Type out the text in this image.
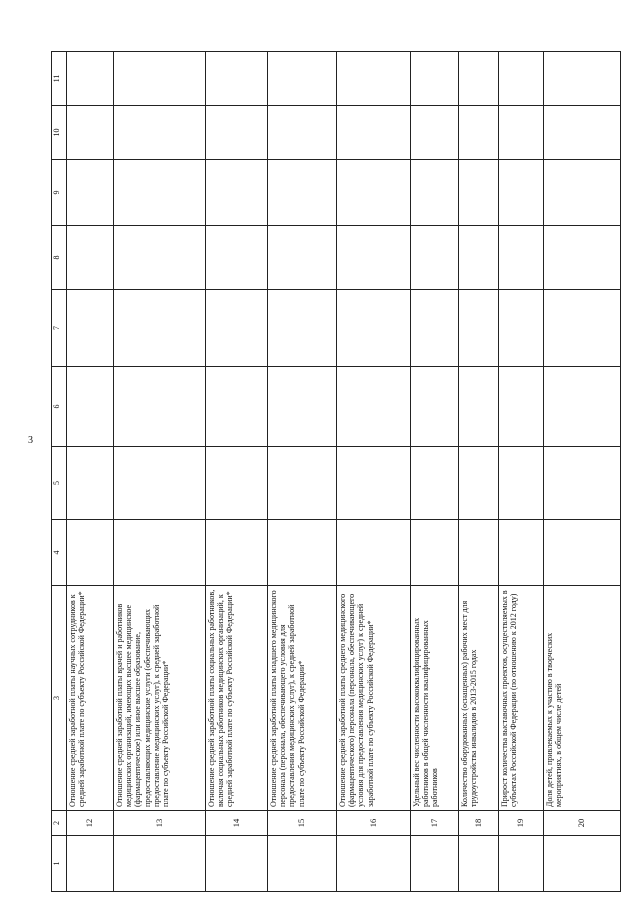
3
1	2	3	4	5	6	7	8	9	10	11
	12	Отношение средней заработной платы научных сотрудников к средней заработной плате по субъекту Российской Федерации*								
	13	Отношение средней заработной платы врачей и работников медицинских организаций, имеющих высшее медицинское (фармацевтическое) или иное высшее образование, предоставляющих медицинские услуги (обеспечивающих предоставление медицинских услуг), к средней заработной плате по субъекту Российской Федерации*								
	14	Отношение средней заработной платы социальных работников, включая социальных работников медицинских организаций, к средней заработной плате по субъекту Российской Федерации*								
	15	Отношение средней заработной платы младшего медицинского персонала (персонала, обеспечивающего условия для предоставления медицинских услуг), к средней заработной плате по субъекту Российской Федерации*								
	16	Отношение средней заработной платы среднего медицинского (фармацевтического) персонала (персонала, обеспечивающего условия для предоставления медицинских услуг) к средней заработной плате по субъекту Российской Федерации*								
	17	Удельный вес численности высококвалифицированных работников в общей численности квалифицированных работников								
	18	Количество оборудованных (оснащенных) рабочих мест для трудоустройства инвалидов в 2013-2015 годах								
	19	Прирост количества выставочных проектов, осуществляемых в субъектах Российской Федерации (по отношению к 2012 году)								
	20	Доля детей, привлекаемых к участию в творческих мероприятиях, в общем числе детей								
